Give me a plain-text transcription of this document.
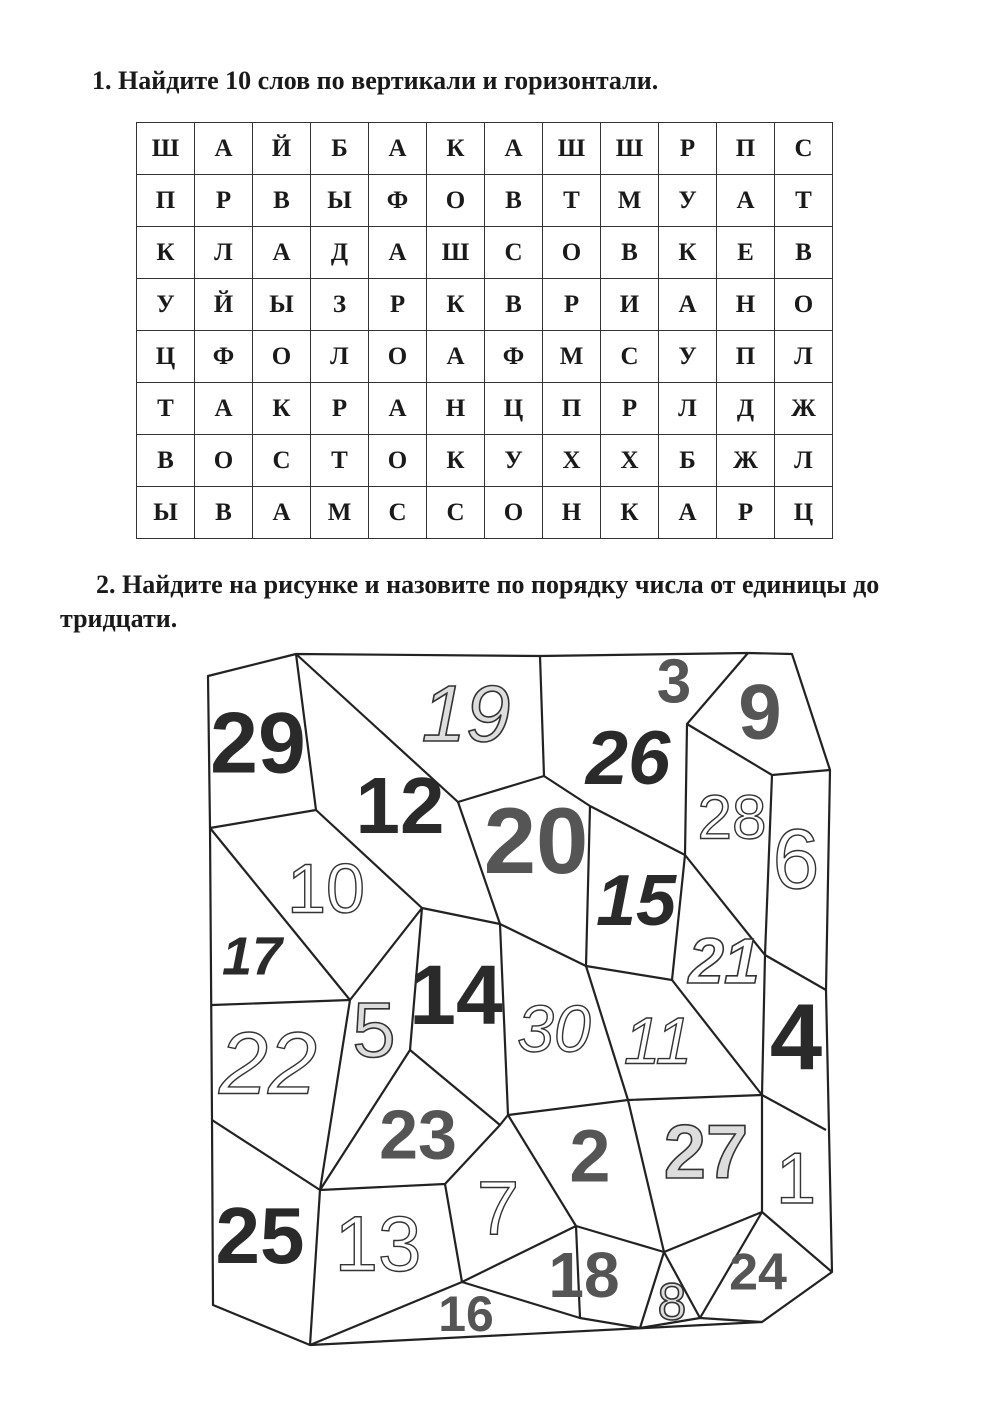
1. Найдите 10 слов по вертикали и горизонтали.
Ш	А	Й	Б	А	К	А	Ш	Ш	Р	П	С
П	Р	В	Ы	Ф	О	В	Т	М	У	А	Т
К	Л	А	Д	А	Ш	С	О	В	К	Е	В
У	Й	Ы	З	Р	К	В	Р	И	А	Н	О
Ц	Ф	О	Л	О	А	Ф	М	С	У	П	Л
Т	А	К	Р	А	Н	Ц	П	Р	Л	Д	Ж
В	О	С	Т	О	К	У	Х	Х	Б	Ж	Л
Ы	В	А	М	С	С	О	Н	К	А	Р	Ц
2. Найдите на рисунке и назовите по порядку числа от единицы до тридцати.
29 19 3 9
26
12 20 28 6
10	15
17	21
14
5 30 11 4
22
23 2 27 1
7
25 13 18 24
16	8
